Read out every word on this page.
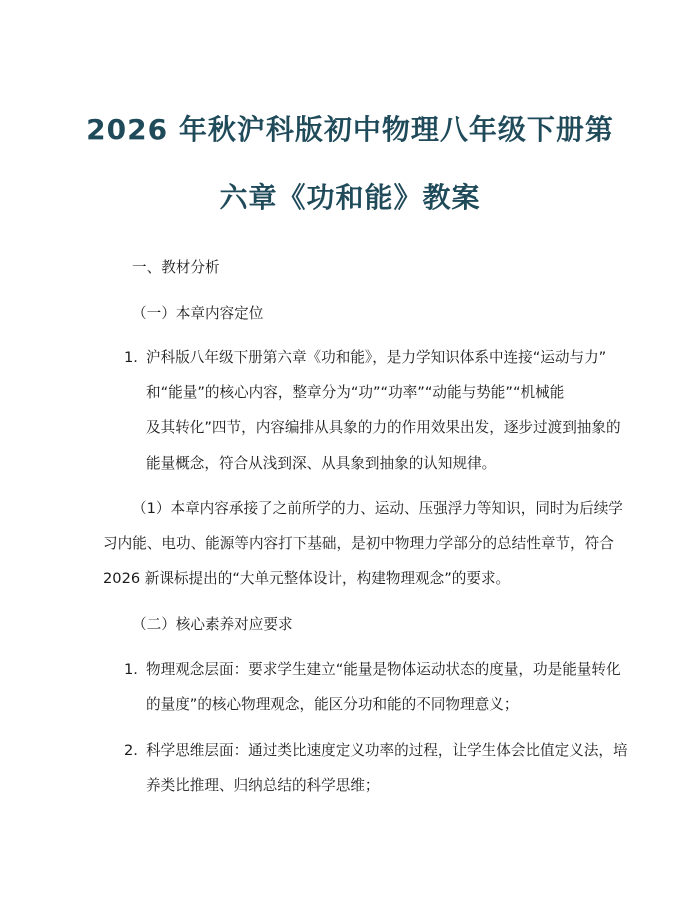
2026 年秋沪科版初中物理八年级下册第
六章《功和能》教案
一、教材分析
（一）本章内容定位
1. 沪科版八年级下册第六章《功和能》，是力学知识体系中连接“运动与力”
和“能量”的核心内容，整章分为“功”“功率”“动能与势能”“机械能
及其转化”四节，内容编排从具象的力的作用效果出发，逐步过渡到抽象的
能量概念，符合从浅到深、从具象到抽象的认知规律。
（1）本章内容承接了之前所学的力、运动、压强浮力等知识，同时为后续学
习内能、电功、能源等内容打下基础，是初中物理力学部分的总结性章节，符合
2026 新课标提出的“大单元整体设计，构建物理观念”的要求。
（二）核心素养对应要求
1. 物理观念层面：要求学生建立“能量是物体运动状态的度量，功是能量转化
的量度”的核心物理观念，能区分功和能的不同物理意义；
2. 科学思维层面：通过类比速度定义功率的过程，让学生体会比值定义法，培
养类比推理、归纳总结的科学思维；
